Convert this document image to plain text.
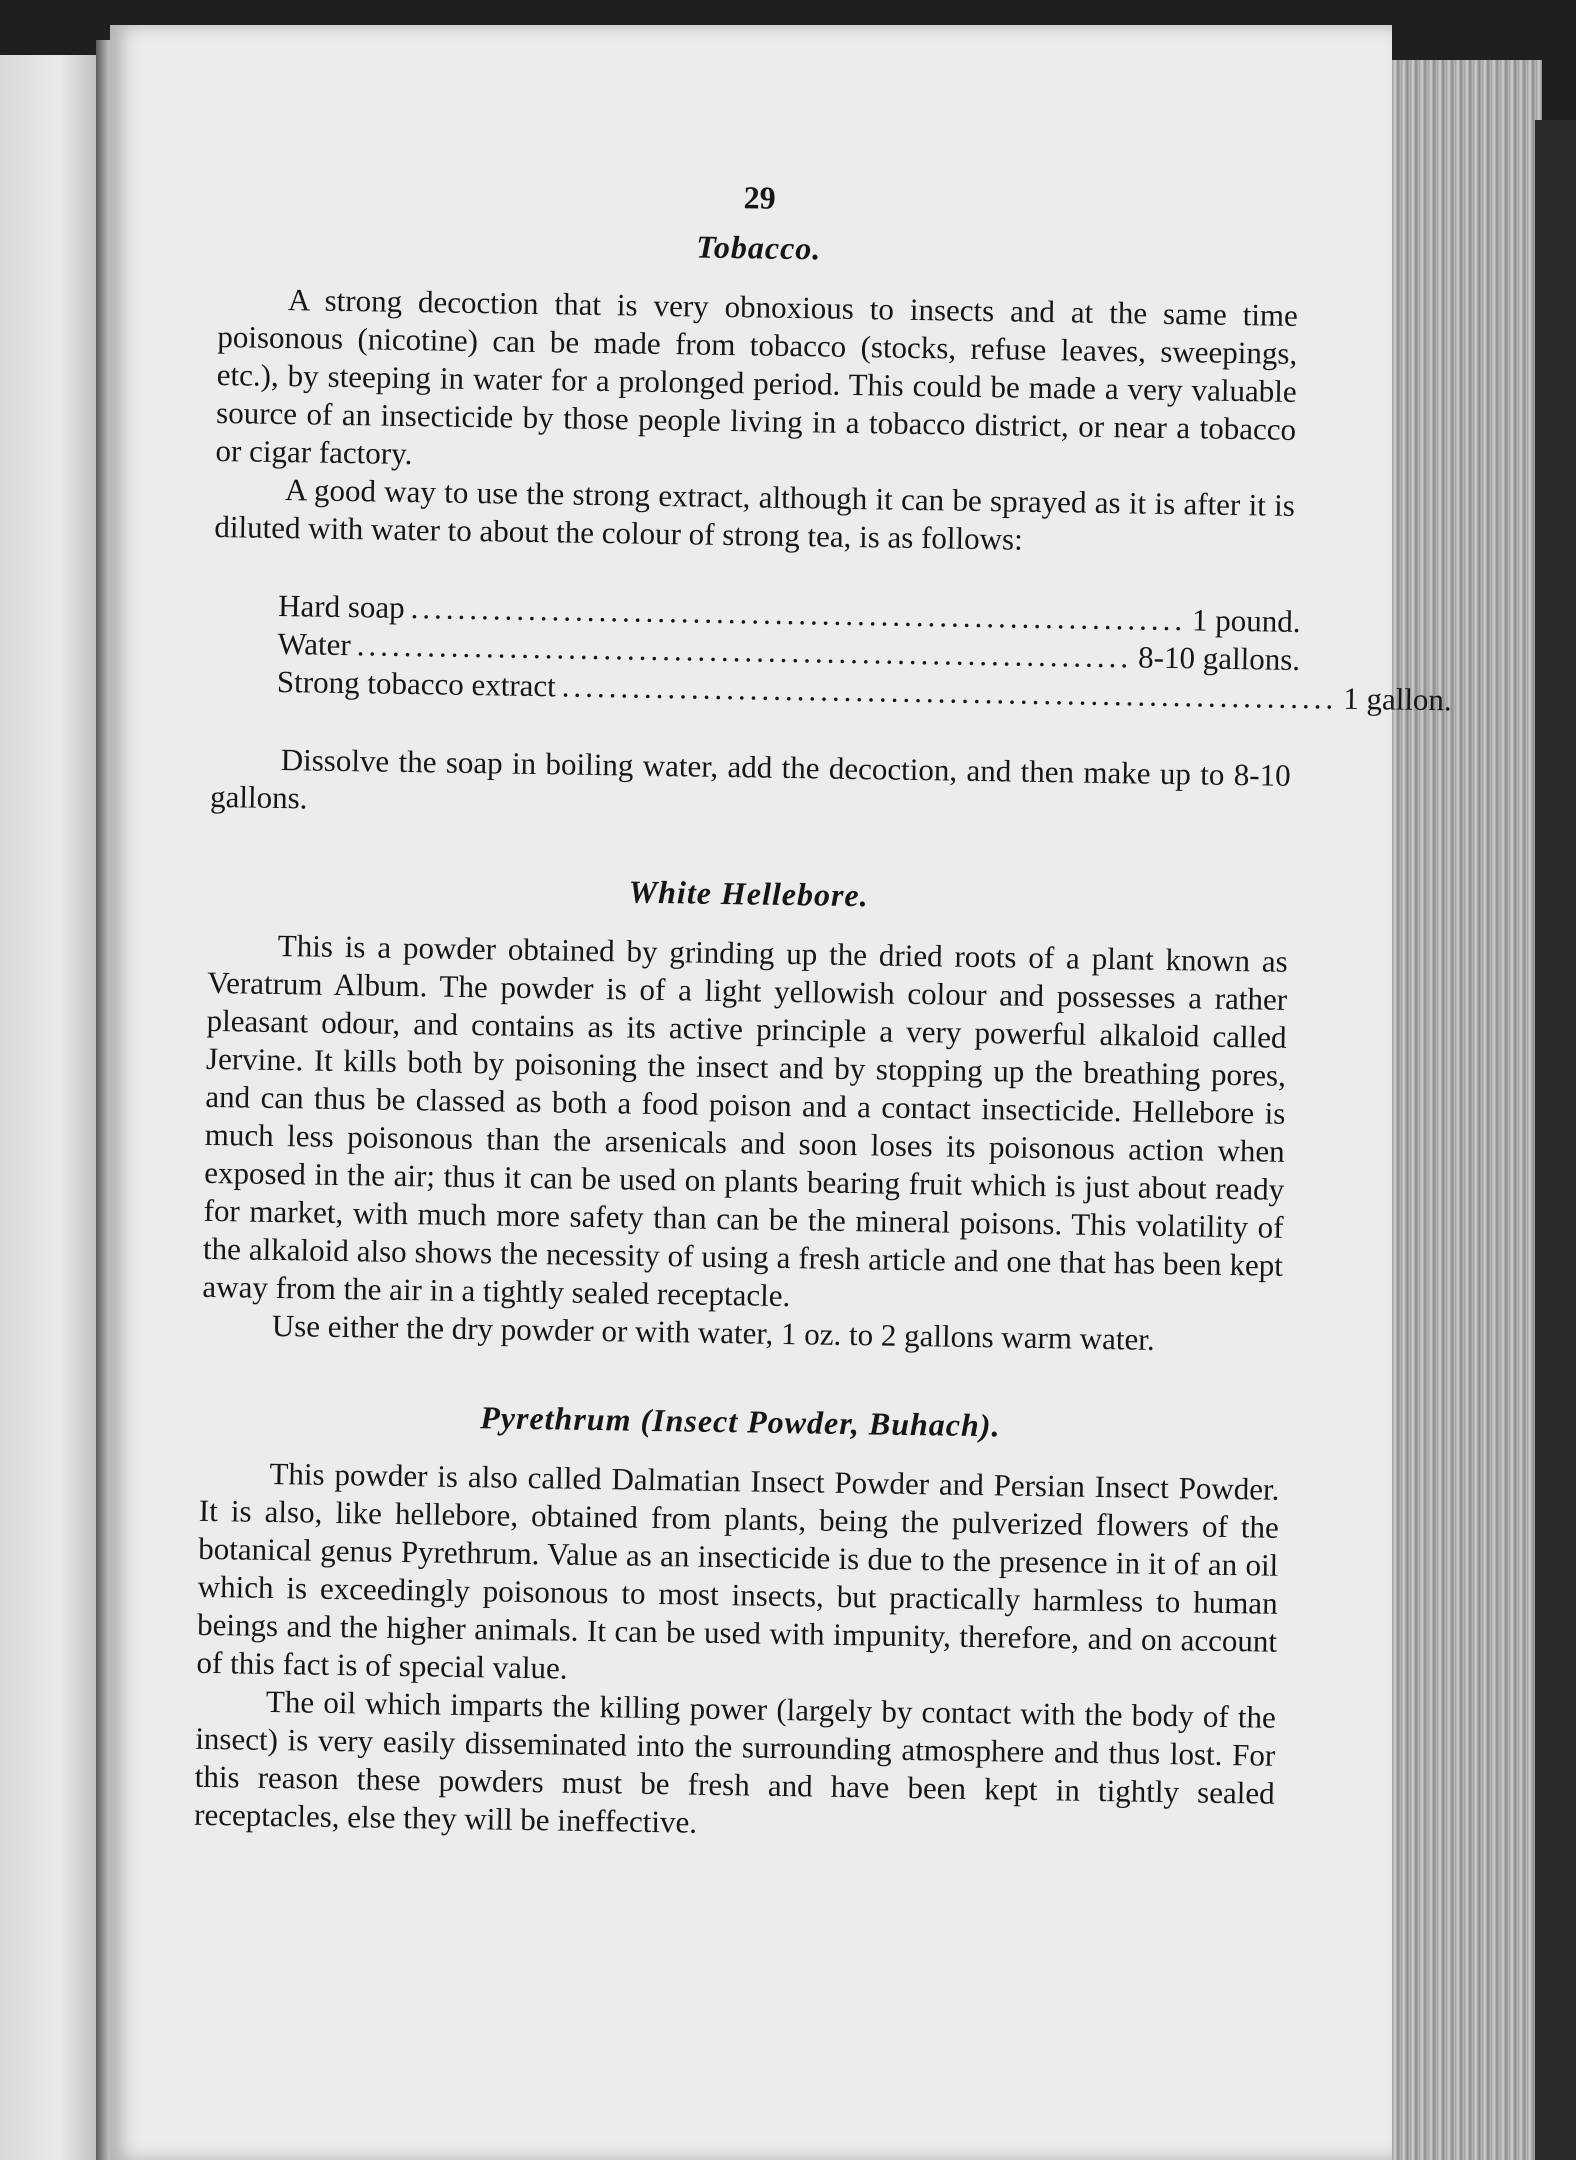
29
Tobacco.

A strong decoction that is very obnoxious to insects and at the same time poisonous (nicotine) can be made from tobacco (stocks, refuse leaves, sweepings, etc.), by steeping in water for a prolonged period. This could be made a very valuable source of an insecticide by those people living in a tobacco district, or near a tobacco or cigar factory.

A good way to use the strong extract, although it can be sprayed as it is after it is diluted with water to about the colour of strong tea, is as follows:

Hard soap .................................................................. 1 pound.
Water .................................................................. 8-10 gallons.
Strong tobacco extract .................................................................. 1 gallon.

Dissolve the soap in boiling water, add the decoction, and then make up to 8-10 gallons.

White Hellebore.

This is a powder obtained by grinding up the dried roots of a plant known as Veratrum Album. The powder is of a light yellowish colour and possesses a rather pleasant odour, and contains as its active principle a very powerful alkaloid called Jervine. It kills both by poisoning the insect and by stopping up the breathing pores, and can thus be classed as both a food poison and a contact insecticide. Hellebore is much less poisonous than the arsenicals and soon loses its poisonous action when exposed in the air; thus it can be used on plants bearing fruit which is just about ready for market, with much more safety than can be the mineral poisons. This volatility of the alkaloid also shows the necessity of using a fresh article and one that has been kept away from the air in a tightly sealed receptacle.

Use either the dry powder or with water, 1 oz. to 2 gallons warm water.

Pyrethrum (Insect Powder, Buhach).

This powder is also called Dalmatian Insect Powder and Persian Insect Powder. It is also, like hellebore, obtained from plants, being the pulverized flowers of the botanical genus Pyrethrum. Value as an insecticide is due to the presence in it of an oil which is exceedingly poisonous to most insects, but practically harmless to human beings and the higher animals. It can be used with impunity, therefore, and on account of this fact is of special value.

The oil which imparts the killing power (largely by contact with the body of the insect) is very easily disseminated into the surrounding atmosphere and thus lost. For this reason these powders must be fresh and have been kept in tightly sealed receptacles, else they will be ineffective.
